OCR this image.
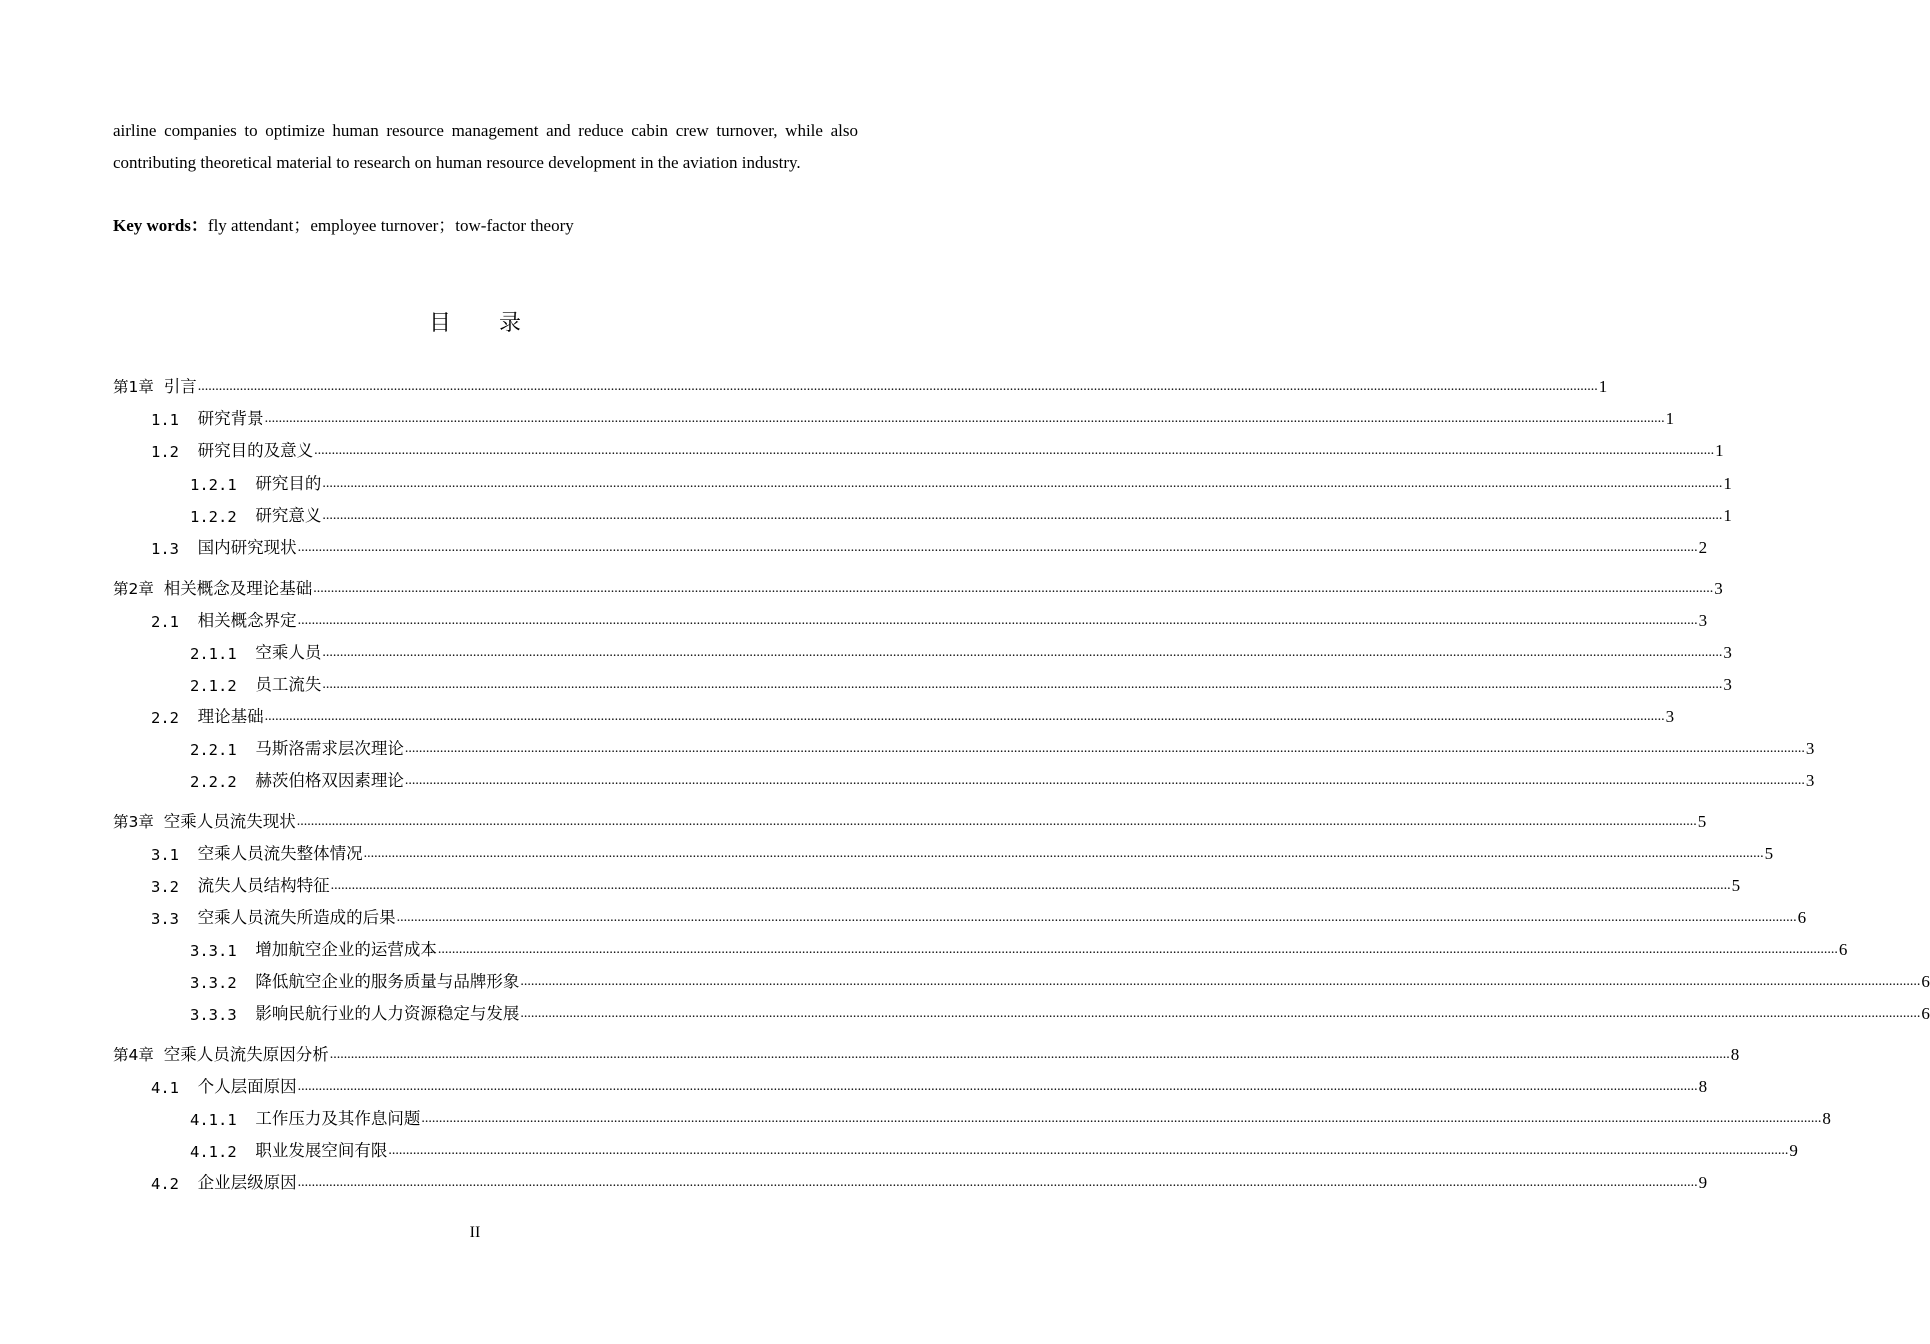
airline companies to optimize human resource management and reduce cabin crew turnover, while also contributing theoretical material to research on human resource development in the aviation industry.

Key words：fly attendant；employee turnover；tow-factor theory
目 录
第1章 引言 ................................................................................................................................................................................................................................................................................................................................................................................................................ 1
1.1 研究背景 ................................................................................................................................................................................................................................................................................................................................................................................................................ 1
1.2 研究目的及意义 ................................................................................................................................................................................................................................................................................................................................................................................................................ 1
1.2.1 研究目的 ................................................................................................................................................................................................................................................................................................................................................................................................................ 1
1.2.2 研究意义 ................................................................................................................................................................................................................................................................................................................................................................................................................ 1
1.3 国内研究现状 ................................................................................................................................................................................................................................................................................................................................................................................................................ 2
第2章 相关概念及理论基础 ................................................................................................................................................................................................................................................................................................................................................................................................................ 3
2.1 相关概念界定 ................................................................................................................................................................................................................................................................................................................................................................................................................ 3
2.1.1 空乘人员 ................................................................................................................................................................................................................................................................................................................................................................................................................ 3
2.1.2 员工流失 ................................................................................................................................................................................................................................................................................................................................................................................................................ 3
2.2 理论基础 ................................................................................................................................................................................................................................................................................................................................................................................................................ 3
2.2.1 马斯洛需求层次理论 ................................................................................................................................................................................................................................................................................................................................................................................................................ 3
2.2.2 赫茨伯格双因素理论 ................................................................................................................................................................................................................................................................................................................................................................................................................ 3
第3章 空乘人员流失现状 ................................................................................................................................................................................................................................................................................................................................................................................................................ 5
3.1 空乘人员流失整体情况 ................................................................................................................................................................................................................................................................................................................................................................................................................ 5
3.2 流失人员结构特征 ................................................................................................................................................................................................................................................................................................................................................................................................................ 5
3.3 空乘人员流失所造成的后果 ................................................................................................................................................................................................................................................................................................................................................................................................................ 6
3.3.1 增加航空企业的运营成本 ................................................................................................................................................................................................................................................................................................................................................................................................................ 6
3.3.2 降低航空企业的服务质量与品牌形象 ................................................................................................................................................................................................................................................................................................................................................................................................................ 6
3.3.3 影响民航行业的人力资源稳定与发展 ................................................................................................................................................................................................................................................................................................................................................................................................................ 6
第4章 空乘人员流失原因分析 ................................................................................................................................................................................................................................................................................................................................................................................................................ 8
4.1 个人层面原因 ................................................................................................................................................................................................................................................................................................................................................................................................................ 8
4.1.1 工作压力及其作息问题 ................................................................................................................................................................................................................................................................................................................................................................................................................ 8
4.1.2 职业发展空间有限 ................................................................................................................................................................................................................................................................................................................................................................................................................ 9
4.2 企业层级原因 ................................................................................................................................................................................................................................................................................................................................................................................................................ 9
II
